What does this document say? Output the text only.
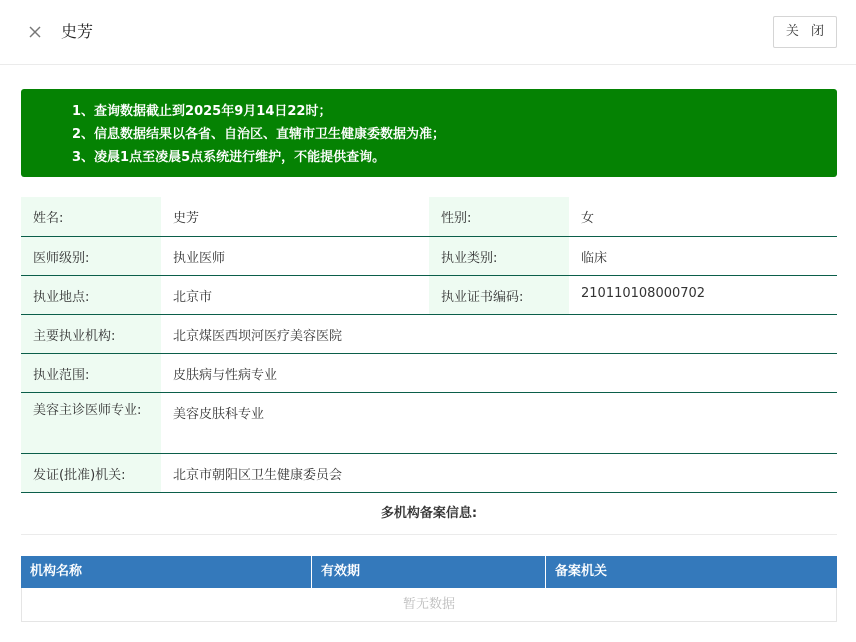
史芳	关 闭
1、查询数据截止到2025年9月14日22时；
2、信息数据结果以各省、自治区、直辖市卫生健康委数据为准；
3、凌晨1点至凌晨5点系统进行维护，不能提供查询。
姓名:	史芳	性别:	女
医师级别:	执业医师	执业类别:	临床
执业地点:	北京市	执业证书编码:	210110108000702
主要执业机构:	北京煤医西坝河医疗美容医院		
执业范围:	皮肤病与性病专业		
美容主诊医师专业:	美容皮肤科专业		
发证(批准)机关:	北京市朝阳区卫生健康委员会		
多机构备案信息:
机构名称	有效期	备案机关
暂无数据
